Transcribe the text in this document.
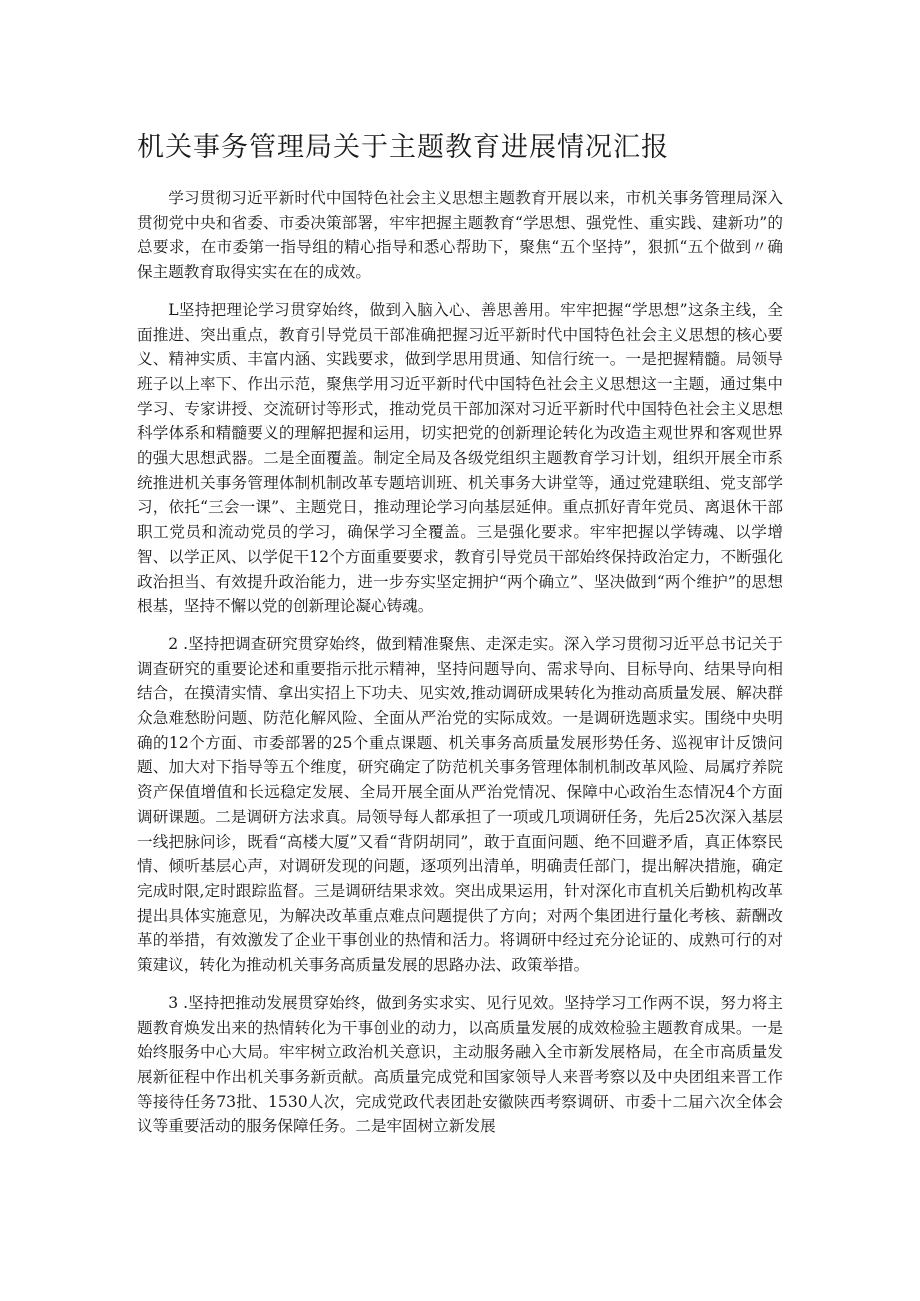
机关事务管理局关于主题教育进展情况汇报

学习贯彻习近平新时代中国特色社会主义思想主题教育开展以来，市机关事务管理局深入贯彻党中央和省委、市委决策部署，牢牢把握主题教育“学思想、强党性、重实践、建新功”的总要求，在市委第一指导组的精心指导和悉心帮助下，聚焦“五个坚持”，狠抓“五个做到〃确保主题教育取得实实在在的成效。

L坚持把理论学习贯穿始终，做到入脑入心、善思善用。牢牢把握“学思想”这条主线，全面推进、突出重点，教育引导党员干部准确把握习近平新时代中国特色社会主义思想的核心要义、精神实质、丰富内涵、实践要求，做到学思用贯通、知信行统一。一是把握精髓。局领导班子以上率下、作出示范，聚焦学用习近平新时代中国特色社会主义思想这一主题，通过集中学习、专家讲授、交流研讨等形式，推动党员干部加深对习近平新时代中国特色社会主义思想科学体系和精髓要义的理解把握和运用，切实把党的创新理论转化为改造主观世界和客观世界的强大思想武器。二是全面覆盖。制定全局及各级党组织主题教育学习计划，组织开展全市系统推进机关事务管理体制机制改革专题培训班、机关事务大讲堂等，通过党建联组、党支部学习，依托“三会一课”、主题党日，推动理论学习向基层延伸。重点抓好青年党员、离退休干部职工党员和流动党员的学习，确保学习全覆盖。三是强化要求。牢牢把握以学铸魂、以学增智、以学正风、以学促干12个方面重要要求，教育引导党员干部始终保持政治定力，不断强化政治担当、有效提升政治能力，进一步夯实坚定拥护“两个确立”、坚决做到“两个维护”的思想根基，坚持不懈以党的创新理论凝心铸魂。

2 .坚持把调查研究贯穿始终，做到精准聚焦、走深走实。深入学习贯彻习近平总书记关于调查研究的重要论述和重要指示批示精神，坚持问题导向、需求导向、目标导向、结果导向相结合，在摸清实情、拿出实招上下功夫、见实效,推动调研成果转化为推动高质量发展、解决群众急难愁盼问题、防范化解风险、全面从严治党的实际成效。一是调研选题求实。围绕中央明确的12个方面、市委部署的25个重点课题、机关事务高质量发展形势任务、巡视审计反馈问题、加大对下指导等五个维度，研究确定了防范机关事务管理体制机制改革风险、局属疗养院资产保值增值和长远稳定发展、全局开展全面从严治党情况、保障中心政治生态情况4个方面调研课题。二是调研方法求真。局领导每人都承担了一项或几项调研任务，先后25次深入基层一线把脉问诊，既看“高楼大厦”又看“背阴胡同”，敢于直面问题、绝不回避矛盾，真正体察民情、倾听基层心声，对调研发现的问题，逐项列出清单，明确责任部门，提出解决措施，确定完成时限,定时跟踪监督。三是调研结果求效。突出成果运用，针对深化市直机关后勤机构改革提出具体实施意见，为解决改革重点难点问题提供了方向；对两个集团进行量化考核、薪酬改革的举措，有效激发了企业干事创业的热情和活力。将调研中经过充分论证的、成熟可行的对策建议，转化为推动机关事务高质量发展的思路办法、政策举措。

3 .坚持把推动发展贯穿始终，做到务实求实、见行见效。坚持学习工作两不误，努力将主题教育焕发出来的热情转化为干事创业的动力，以高质量发展的成效检验主题教育成果。一是始终服务中心大局。牢牢树立政治机关意识，主动服务融入全市新发展格局，在全市高质量发展新征程中作出机关事务新贡献。高质量完成党和国家领导人来晋考察以及中央团组来晋工作等接待任务73批、1530人次，完成党政代表团赴安徽陕西考察调研、市委十二届六次全体会议等重要活动的服务保障任务。二是牢固树立新发展
